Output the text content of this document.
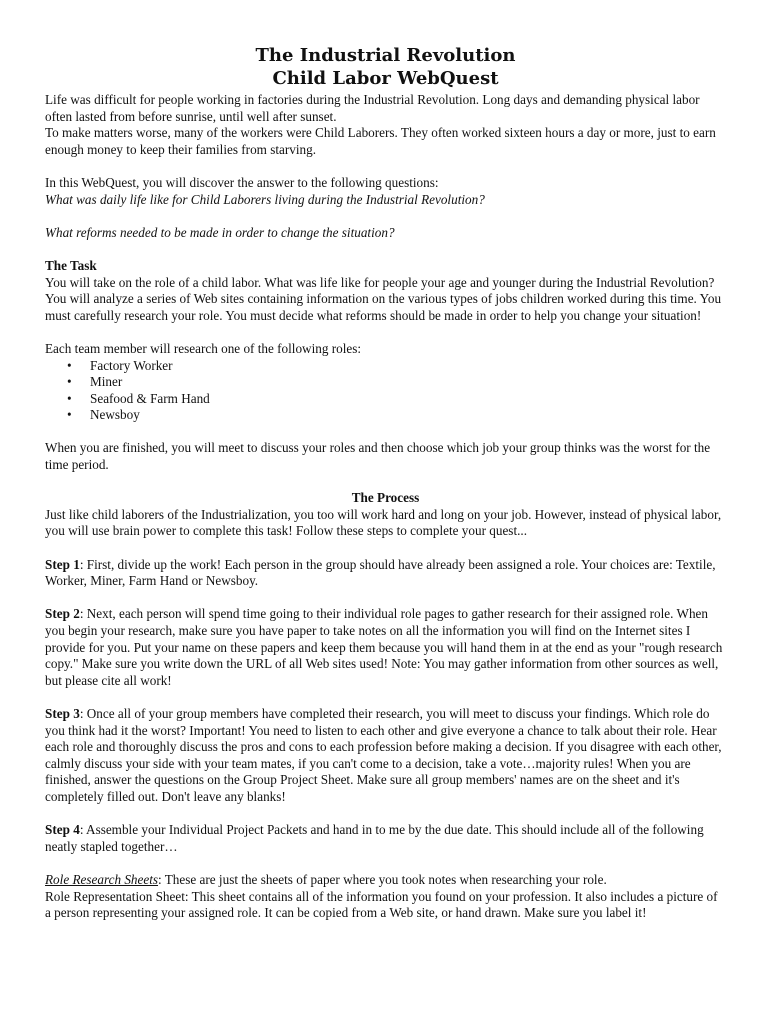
The Industrial Revolution
Child Labor WebQuest

Life was difficult for people working in factories during the Industrial Revolution. Long days and demanding physical labor often lasted from before sunrise, until well after sunset.

To make matters worse, many of the workers were Child Laborers. They often worked sixteen hours a day or more, just to earn enough money to keep their families from starving.

In this WebQuest, you will discover the answer to the following questions:

What was daily life like for Child Laborers living during the Industrial Revolution?

What reforms needed to be made in order to change the situation?

The Task

You will take on the role of a child labor. What was life like for people your age and younger during the Industrial Revolution? You will analyze a series of Web sites containing information on the various types of jobs children worked during this time. You must carefully research your role. You must decide what reforms should be made in order to help you change your situation!

Each team member will research one of the following roles:

• Factory Worker
• Miner
• Seafood & Farm Hand
• Newsboy

When you are finished, you will meet to discuss your roles and then choose which job your group thinks was the worst for the time period.

The Process

Just like child laborers of the Industrialization, you too will work hard and long on your job. However, instead of physical labor, you will use brain power to complete this task! Follow these steps to complete your quest...

Step 1: First, divide up the work! Each person in the group should have already been assigned a role. Your choices are: Textile, Worker, Miner, Farm Hand or Newsboy.

Step 2: Next, each person will spend time going to their individual role pages to gather research for their assigned role. When you begin your research, make sure you have paper to take notes on all the information you will find on the Internet sites I provide for you. Put your name on these papers and keep them because you will hand them in at the end as your "rough research copy." Make sure you write down the URL of all Web sites used! Note: You may gather information from other sources as well, but please cite all work!

Step 3: Once all of your group members have completed their research, you will meet to discuss your findings. Which role do you think had it the worst? Important! You need to listen to each other and give everyone a chance to talk about their role. Hear each role and thoroughly discuss the pros and cons to each profession before making a decision. If you disagree with each other, calmly discuss your side with your team mates, if you can't come to a decision, take a vote…majority rules! When you are finished, answer the questions on the Group Project Sheet. Make sure all group members' names are on the sheet and it's completely filled out. Don't leave any blanks!

Step 4: Assemble your Individual Project Packets and hand in to me by the due date. This should include all of the following neatly stapled together…

Role Research Sheets: These are just the sheets of paper where you took notes when researching your role.

Role Representation Sheet: This sheet contains all of the information you found on your profession. It also includes a picture of a person representing your assigned role. It can be copied from a Web site, or hand drawn. Make sure you label it!
